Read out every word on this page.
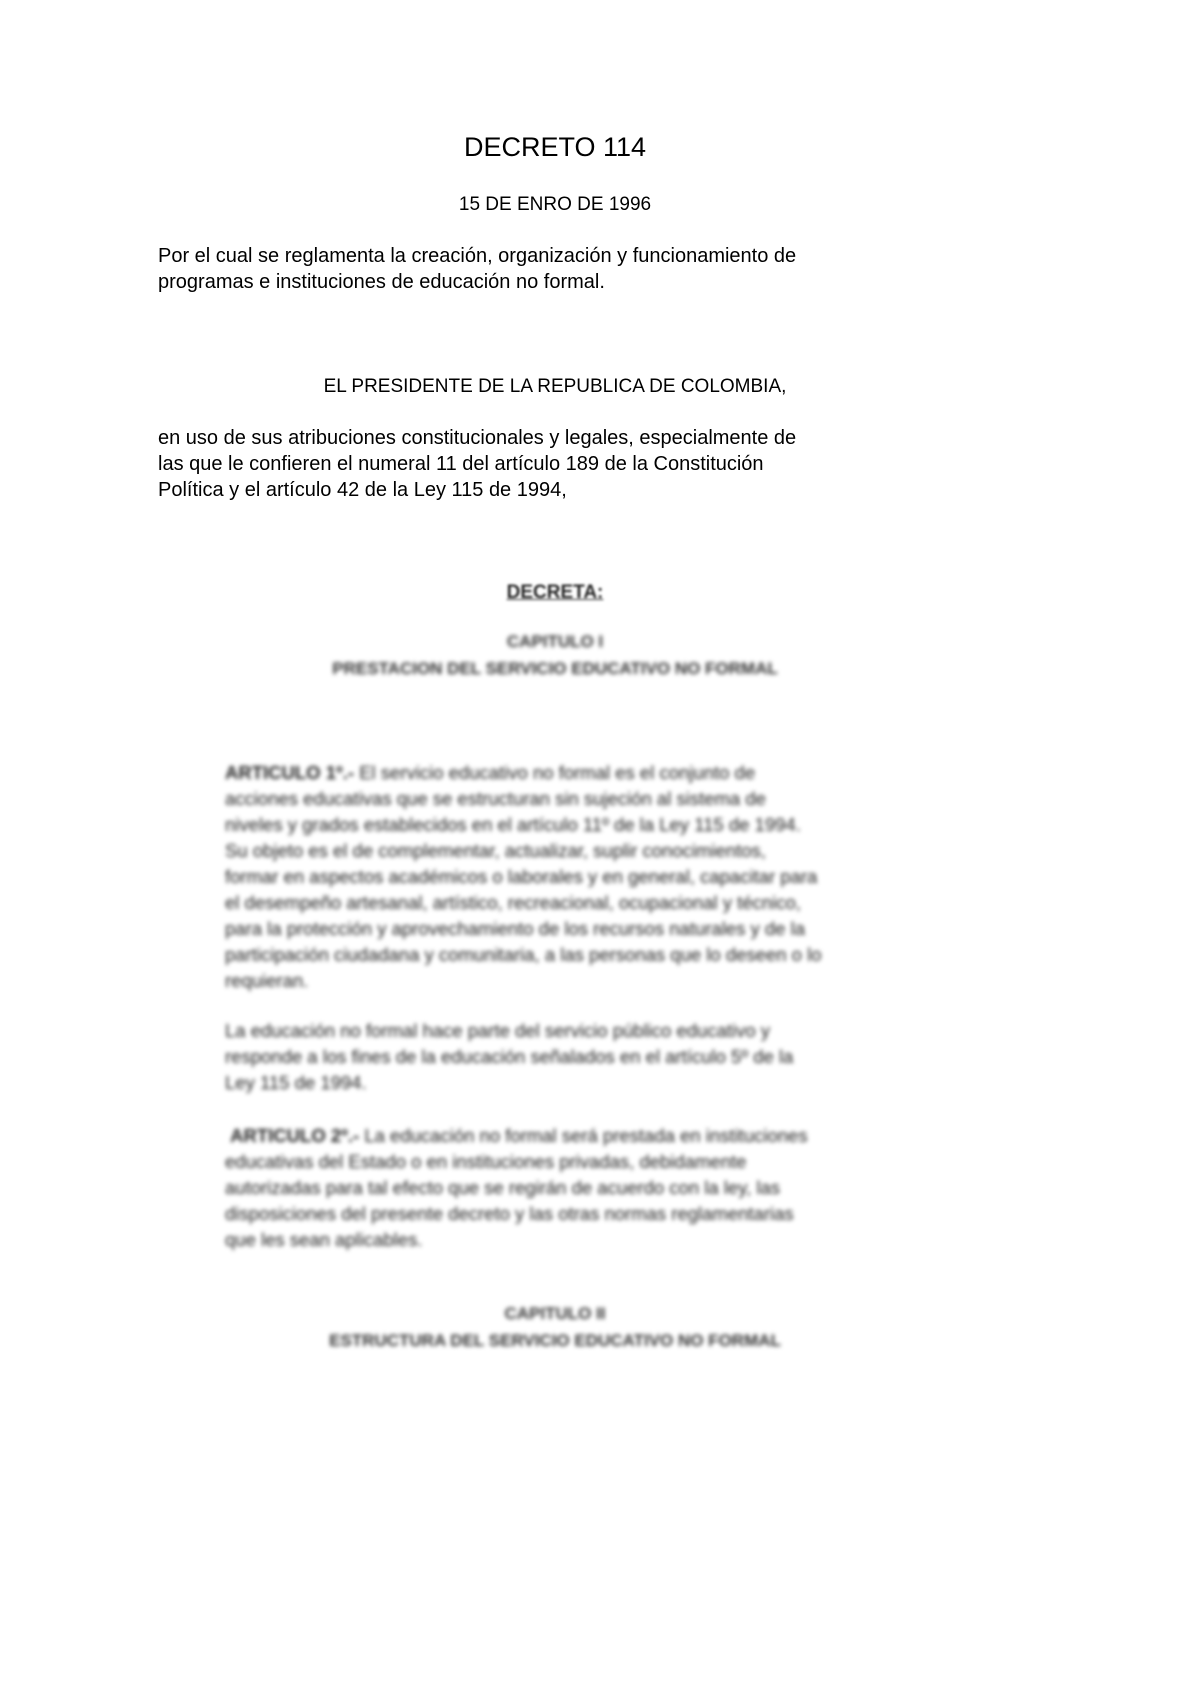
DECRETO 114
15 DE ENRO DE 1996
Por el cual se reglamenta la creación, organización y funcionamiento de
programas e instituciones de educación no formal.
EL PRESIDENTE DE LA REPUBLICA DE COLOMBIA,
en uso de sus atribuciones constitucionales y legales, especialmente de
las que le confieren el numeral 11 del artículo 189 de la Constitución
Política y el artículo 42 de la Ley 115 de 1994,
DECRETA:
CAPITULO I
PRESTACION DEL SERVICIO EDUCATIVO NO FORMAL
ARTICULO 1º.- El servicio educativo no formal es el conjunto de
acciones educativas que se estructuran sin sujeción al sistema de
niveles y grados establecidos en el artículo 11º de la Ley 115 de 1994.
Su objeto es el de complementar, actualizar, suplir conocimientos,
formar en aspectos académicos o laborales y en general, capacitar para
el desempeño artesanal, artístico, recreacional, ocupacional y técnico,
para la protección y aprovechamiento de los recursos naturales y de la
participación ciudadana y comunitaria, a las personas que lo deseen o lo
requieran.
La educación no formal hace parte del servicio público educativo y
responde a los fines de la educación señalados en el artículo 5º de la
Ley 115 de 1994.
ARTICULO 2º.- La educación no formal será prestada en instituciones
educativas del Estado o en instituciones privadas, debidamente
autorizadas para tal efecto que se regirán de acuerdo con la ley, las
disposiciones del presente decreto y las otras normas reglamentarias
que les sean aplicables.
CAPITULO II
ESTRUCTURA DEL SERVICIO EDUCATIVO NO FORMAL
